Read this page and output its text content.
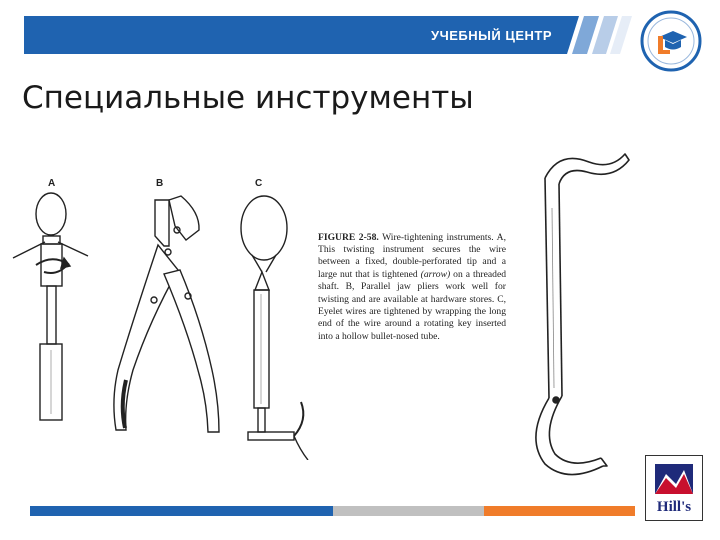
УЧЕБНЫЙ ЦЕНТР
Специальные инструменты
A	B	C

FIGURE 2-58. Wire-tightening instruments. A, This twisting instrument secures the wire between a fixed, double-perforated tip and a large nut that is tightened (arrow) on a threaded shaft. B, Parallel jaw pliers work well for twisting and are available at hardware stores. C, Eyelet wires are tightened by wrapping the long end of the wire around a rotating key inserted into a hollow bullet-nosed tube.

Hill's
